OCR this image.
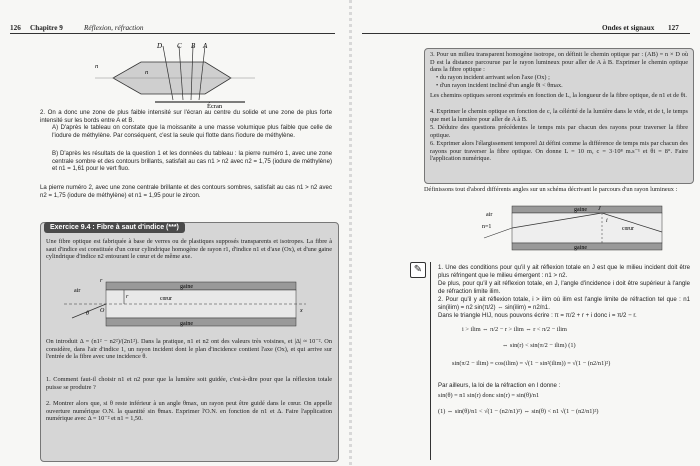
126 Chapitre 9	Réflexion, réfraction
D C B A
n
n
Écran
2. On a donc une zone de plus faible intensité sur l'écran au centre du solide et une zone de plus forte intensité sur les bords entre A et B.
A) D'après le tableau on constate que la moissanite a une masse volumique plus faible que celle de l'iodure de méthylène. Par conséquent, c'est la seule qui flotte dans l'iodure de méthylène.
B) D'après les résultats de la question 1 et les données du tableau : la pierre numéro 1, avec une zone centrale sombre et des contours brillants, satisfait au cas n1 > n2 avec n2 = 1,75 (iodure de méthylène) et n1 = 1,61 pour le vert fluo.
La pierre numéro 2, avec une zone centrale brillante et des contours sombres, satisfait au cas n1 > n2 avec n2 = 1,75 (iodure de méthylène) et n1 = 1,95 pour le zircon.
Exercice 9.4 : Fibre à saut d'indice (***)
Une fibre optique est fabriquée à base de verres ou de plastiques supposés transparents et isotropes. La fibre à saut d'indice est constituée d'un cœur cylindrique homogène de rayon r1, d'indice n1 et d'axe (Ox), et d'une gaine cylindrique d'indice n2 entourant le cœur et de même axe.
air
gaine
cœur
gaine
r
r
O
θ	x
On introduit Δ = (n1² − n2²)/(2n1²). Dans la pratique, n1 et n2 ont des valeurs très voisines, et |Δ| ≈ 10⁻². On considère, dans l'air d'indice 1, un rayon incident dont le plan d'incidence contient l'axe (Ox), et qui arrive sur l'entrée de la fibre avec une incidence θ.
1. Comment faut-il choisir n1 et n2 pour que la lumière soit guidée, c'est-à-dire pour que la réflexion totale puisse se produire ?
2. Montrer alors que, si θ reste inférieur à un angle θmax, un rayon peut être guidé dans le cœur. On appelle ouverture numérique O.N. la quantité sin θmax. Exprimer l'O.N. en fonction de n1 et Δ. Faire l'application numérique avec Δ = 10⁻² et n1 = 1,50.
Ondes et signaux 127
3. Pour un milieu transparent homogène isotrope, on définit le chemin optique par : (AB) = n × D où D est la distance parcourue par le rayon lumineux pour aller de A à B. Exprimer le chemin optique dans la fibre optique :
• du rayon incident arrivant selon l'axe (Ox) ;
• d'un rayon incident incliné d'un angle θi < θmax.
Les chemins optiques seront exprimés en fonction de L, la longueur de la fibre optique, de n1 et de θi.
4. Exprimer le chemin optique en fonction de c, la célérité de la lumière dans le vide, et de t, le temps que met la lumière pour aller de A à B.
5. Déduire des questions précédentes le temps mis par chacun des rayons pour traverser la fibre optique.
6. Exprimer alors l'élargissement temporel Δt défini comme la différence de temps mis par chacun des rayons pour traverser la fibre optique. On donne L = 10 m, c = 3·10⁸ m.s⁻¹ et θi = 8°. Faire l'application numérique.
Définissons tout d'abord différents angles sur un schéma décrivant le parcours d'un rayon lumineux :
gaine
gaine
air
n=1	cœur
i
J
✎	1. Une des conditions pour qu'il y ait réflexion totale en J est que le milieu incident doit être plus réfringent que le milieu émergent : n1 > n2.
De plus, pour qu'il y ait réflexion totale, en J, l'angle d'incidence i doit être supérieur à l'angle de réfraction limite ilim.
2. Pour qu'il y ait réflexion totale, i > ilim où ilim est l'angle limite de réfraction tel que : n1 sin(ilim) = n2 sin(π/2) ⇔ sin(ilim) = n2/n1.
Dans le triangle HIJ, nous pouvons écrire : π = π/2 + r + i donc i = π/2 − r.
i > ilim ⇔ π/2 − r > ilim ⇔ r < π/2 − ilim
⇔ sin(r) < sin(π/2 − ilim) (1)
sin(π/2 − ilim) = cos(ilim) = √(1 − sin²(ilim)) = √(1 − (n2/n1)²)
Par ailleurs, la loi de la réfraction en I donne :
sin(θ) = n1 sin(r) donc sin(r) = sin(θ)/n1
(1) ⇔ sin(θ)/n1 < √(1 − (n2/n1)²) ⇔ sin(θ) < n1 √(1 − (n2/n1)²)
